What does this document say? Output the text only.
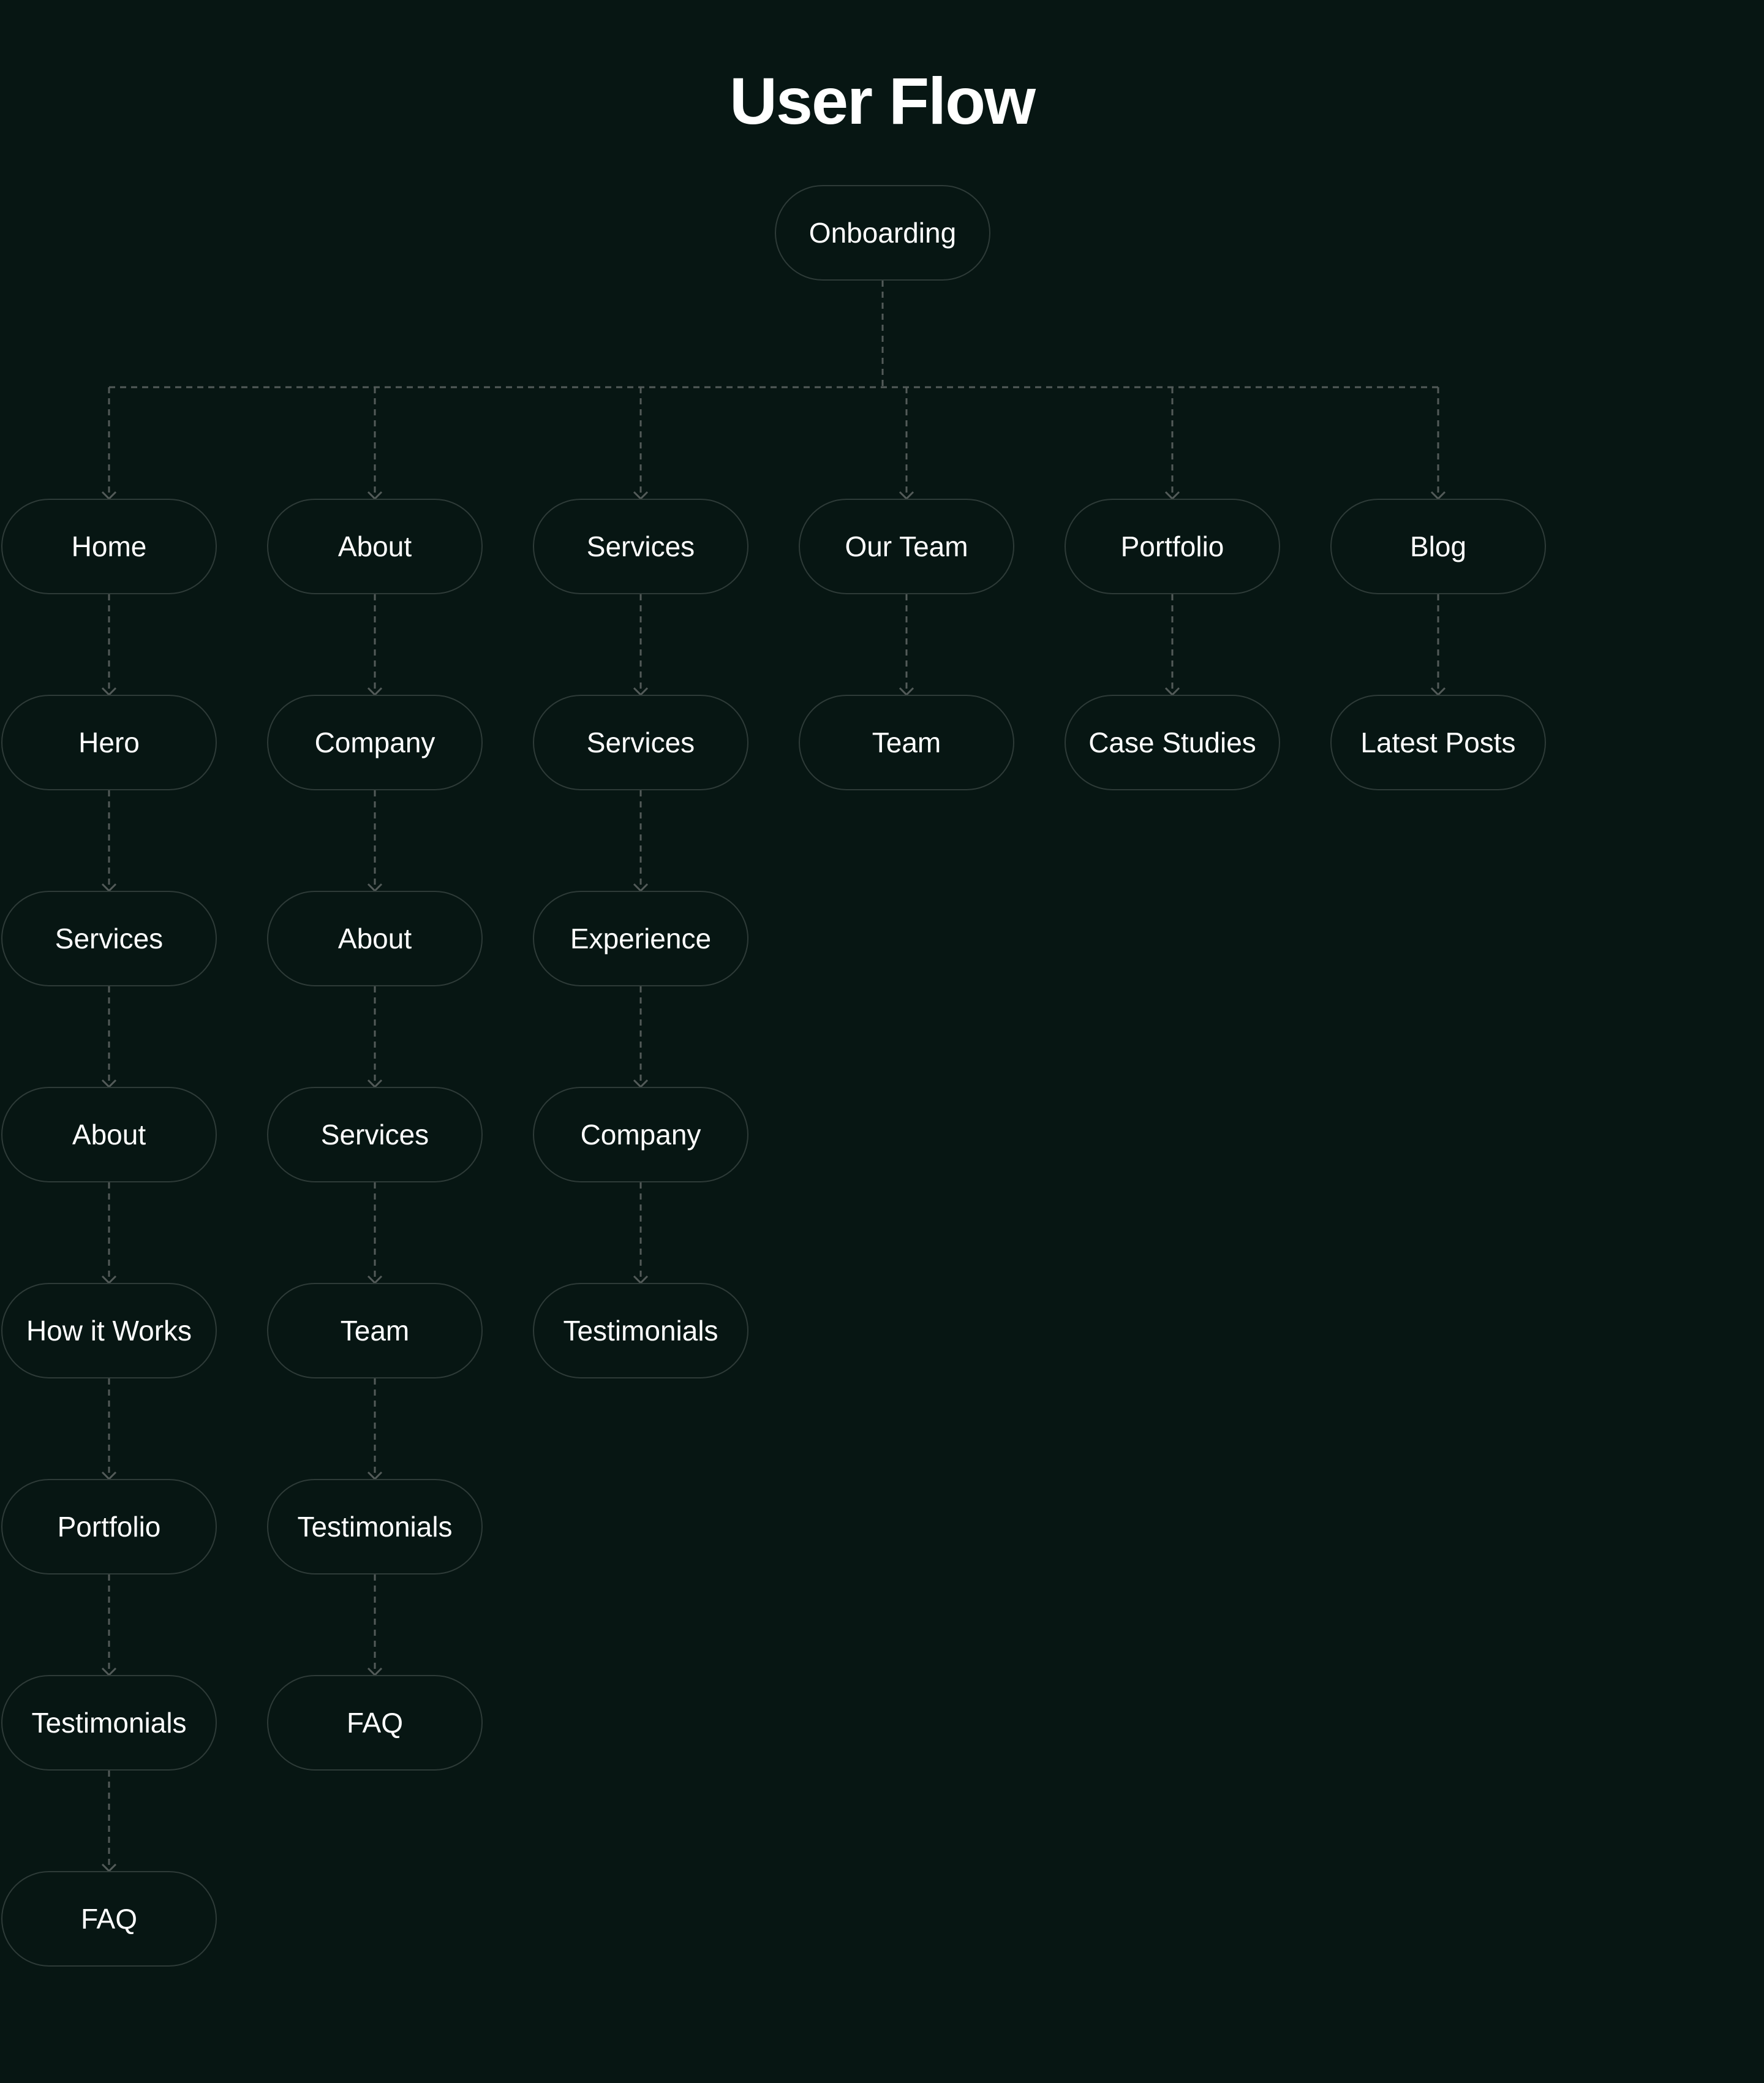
User Flow
Onboarding
Home
Hero
Services
About
How it Works
Portfolio
Testimonials
FAQ
About
Company
About
Services
Team
Testimonials
FAQ
Services
Services
Experience
Company
Testimonials
Our Team
Team
Portfolio
Case Studies
Blog
Latest Posts
